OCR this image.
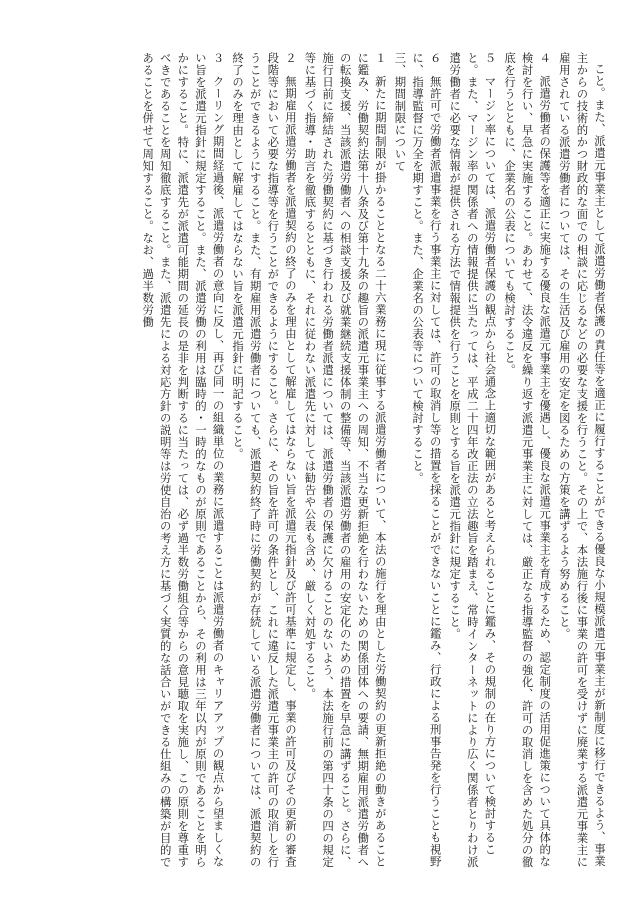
こと。また、派遣元事業主として派遣労働者保護の責任等を適正に履行することができる優良な小規模派遣元事業主が新制度に移行できるよう、事業主からの技術的かつ財政的な面での相談に応じるなどの必要な支援を行うこと。その上で、本法施行後に事業の許可を受けずに廃業する派遣元事業主に雇用されている派遣労働者については、その生活及び雇用の安定を図るための方策を講ずるよう努めること。

４派遣労働者の保護等を適正に実施する優良な派遣元事業主を優遇し、優良な派遣元事業主を育成するため、認定制度の活用促進策について具体的な検討を行い、早急に実施すること。あわせて、法令違反を繰り返す派遣元事業主に対しては、厳正なる指導監督の強化、許可の取消しを含めた処分の徹底を行うとともに、企業名の公表についても検討すること。

５マージン率については、派遣労働者保護の観点から社会通念上適切な範囲があると考えられることに鑑み、その規制の在り方について検討すること。また、マージン率の関係者への情報提供に当たっては、平成二十四年改正法の立法趣旨を踏まえ、常時インターネットにより広く関係者とりわけ派遣労働者に必要な情報が提供される方法で情報提供を行うことを原則とする旨を派遣元指針に規定すること。

６無許可で労働者派遣事業を行う事業主に対しては、許可の取消し等の措置を採ることができないことに鑑み、行政による刑事告発を行うことも視野に、指導監督に万全を期すこと。また、企業名の公表等について検討すること。

三、期間制限について

１新たに期間制限が掛かることとなる二十六業務に現に従事する派遣労働者について、本法の施行を理由とした労働契約の更新拒絶の動きがあることに鑑み、労働契約法第十八条及び第十九条の趣旨の派遣元事業主への周知、不当な更新拒絶を行わないための関係団体への要請、無期雇用派遣労働者への転換支援、当該派遣労働者への相談支援及び就業継続支援体制の整備等、当該派遣労働者の雇用の安定化のための措置を早急に講ずること。さらに、施行日前に締結された労働契約に基づき行われる労働者派遣については、派遣労働者の保護に欠けることのないよう、本法施行前の第四十条の四の規定等に基づく指導・助言を徹底するとともに、それに従わない派遣先に対しては勧告や公表も含め、厳しく対処すること。

２無期雇用派遣労働者を派遣契約の終了のみを理由として解雇してはならない旨を派遣元指針及び許可基準に規定し、事業の許可及びその更新の審査段階等において必要な指導等を行うことができるようにすること。さらに、その旨を許可の条件とし、これに違反した派遣元事業主の許可の取消しを行うことができるようにすること。また、有期雇用派遣労働者についても、派遣契約終了時に労働契約が存続している派遣労働者については、派遣契約の終了のみを理由として解雇してはならない旨を派遣元指針に明記すること。

３クーリング期間経過後、派遣労働者の意向に反し、再び同一の組織単位の業務に派遣することは派遣労働者のキャリアアップの観点から望ましくない旨を派遣元指針に規定すること。また、派遣労働の利用は臨時的・一時的なものが原則であることから、その利用は三年以内が原則であることを明らかにすること。特に、派遣先が派遣可能期間の延長の是非を判断するに当たっては、必ず過半数労働組合等からの意見聴取を実施し、この原則を尊重すべきであることを周知徹底すること。また、派遣先による対応方針の説明等は労使自治の考え方に基づく実質的な話合いができる仕組みの構築が目的であることを併せて周知すること。なお、過半数労働
